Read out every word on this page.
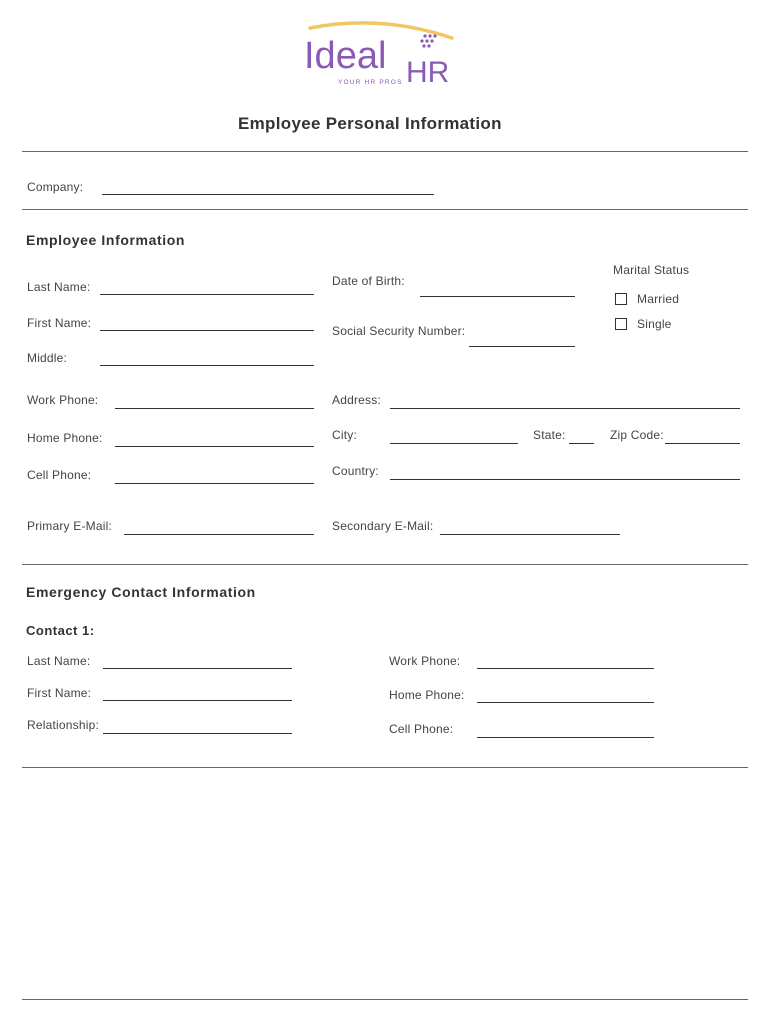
Ideal HR
YOUR HR PROS
Employee Personal Information
Company:
Employee Information
Last Name:
First Name:
Middle:
Date of Birth:
Social Security Number:
Marital Status
Married
Single
Work Phone:
Home Phone:
Cell Phone:
Address:
City:	State:	Zip Code:
Country:
Primary E-Mail:	Secondary E-Mail:
Emergency Contact Information
Contact 1:
Last Name:
First Name:
Relationship:
Work Phone:
Home Phone:
Cell Phone:
